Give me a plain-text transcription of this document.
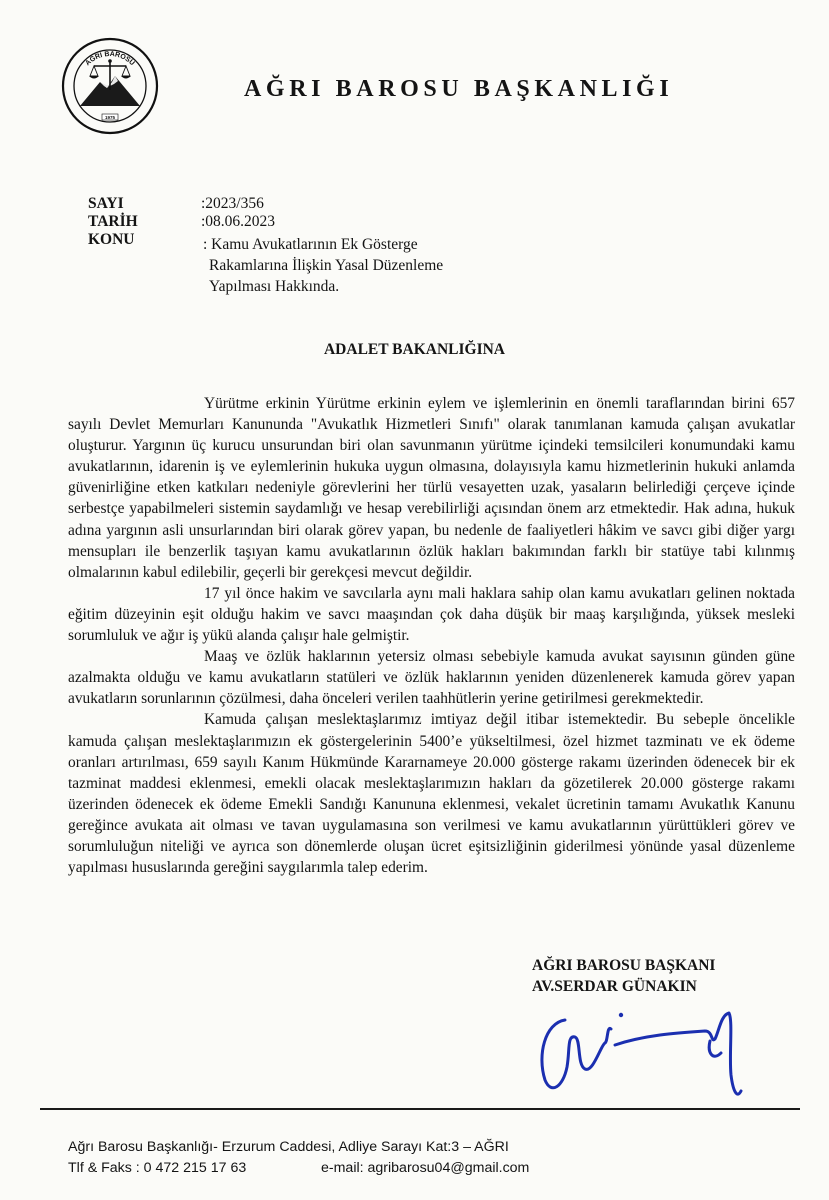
AĞRI BAROSU
1975
AĞRI BAROSU BAŞKANLIĞI
SAYI	:2023/356
TARİH	:08.06.2023
KONU	: Kamu Avukatlarının Ek Gösterge
Rakamlarına İlişkin Yasal Düzenleme
Yapılması Hakkında.
ADALET BAKANLIĞINA

Yürütme erkinin Yürütme erkinin eylem ve işlemlerinin en önemli taraflarından birini 657 sayılı Devlet Memurları Kanununda "Avukatlık Hizmetleri Sınıfı" olarak tanımlanan kamuda çalışan avukatlar oluşturur. Yargının üç kurucu unsurundan biri olan savunmanın yürütme içindeki temsilcileri konumundaki kamu avukatlarının, idarenin iş ve eylemlerinin hukuka uygun olmasına, dolayısıyla kamu hizmetlerinin hukuki anlamda güvenirliğine etken katkıları nedeniyle görevlerini her türlü vesayetten uzak, yasaların belirlediği çerçeve içinde serbestçe yapabilmeleri sistemin saydamlığı ve hesap verebilirliği açısından önem arz etmektedir. Hak adına, hukuk adına yargının asli unsurlarından biri olarak görev yapan, bu nedenle de faaliyetleri hâkim ve savcı gibi diğer yargı mensupları ile benzerlik taşıyan kamu avukatlarının özlük hakları bakımından farklı bir statüye tabi kılınmış olmalarının kabul edilebilir, geçerli bir gerekçesi mevcut değildir.

17 yıl önce hakim ve savcılarla aynı mali haklara sahip olan kamu avukatları gelinen noktada eğitim düzeyinin eşit olduğu hakim ve savcı maaşından çok daha düşük bir maaş karşılığında, yüksek mesleki sorumluluk ve ağır iş yükü alanda çalışır hale gelmiştir.

Maaş ve özlük haklarının yetersiz olması sebebiyle kamuda avukat sayısının günden güne azalmakta olduğu ve kamu avukatların statüleri ve özlük haklarının yeniden düzenlenerek kamuda görev yapan avukatların sorunlarının çözülmesi, daha önceleri verilen taahhütlerin yerine getirilmesi gerekmektedir.

Kamuda çalışan meslektaşlarımız imtiyaz değil itibar istemektedir. Bu sebeple öncelikle kamuda çalışan meslektaşlarımızın ek göstergelerinin 5400’e yükseltilmesi, özel hizmet tazminatı ve ek ödeme oranları artırılması, 659 sayılı Kanım Hükmünde Kararnameye 20.000 gösterge rakamı üzerinden ödenecek bir ek tazminat maddesi eklenmesi, emekli olacak meslektaşlarımızın hakları da gözetilerek 20.000 gösterge rakamı üzerinden ödenecek ek ödeme Emekli Sandığı Kanununa eklenmesi, vekalet ücretinin tamamı Avukatlık Kanunu gereğince avukata ait olması ve tavan uygulamasına son verilmesi ve kamu avukatlarının yürüttükleri görev ve sorumluluğun niteliği ve ayrıca son dönemlerde oluşan ücret eşitsizliğinin giderilmesi yönünde yasal düzenleme yapılması hususlarında gereğini saygılarımla talep ederim.

AĞRI BAROSU BAŞKANI
AV.SERDAR GÜNAKIN
Ağrı Barosu Başkanlığı- Erzurum Caddesi, Adliye Sarayı Kat:3 – AĞRI
Tlf & Faks : 0 472 215 17 63	e-mail: agribarosu04@gmail.com
